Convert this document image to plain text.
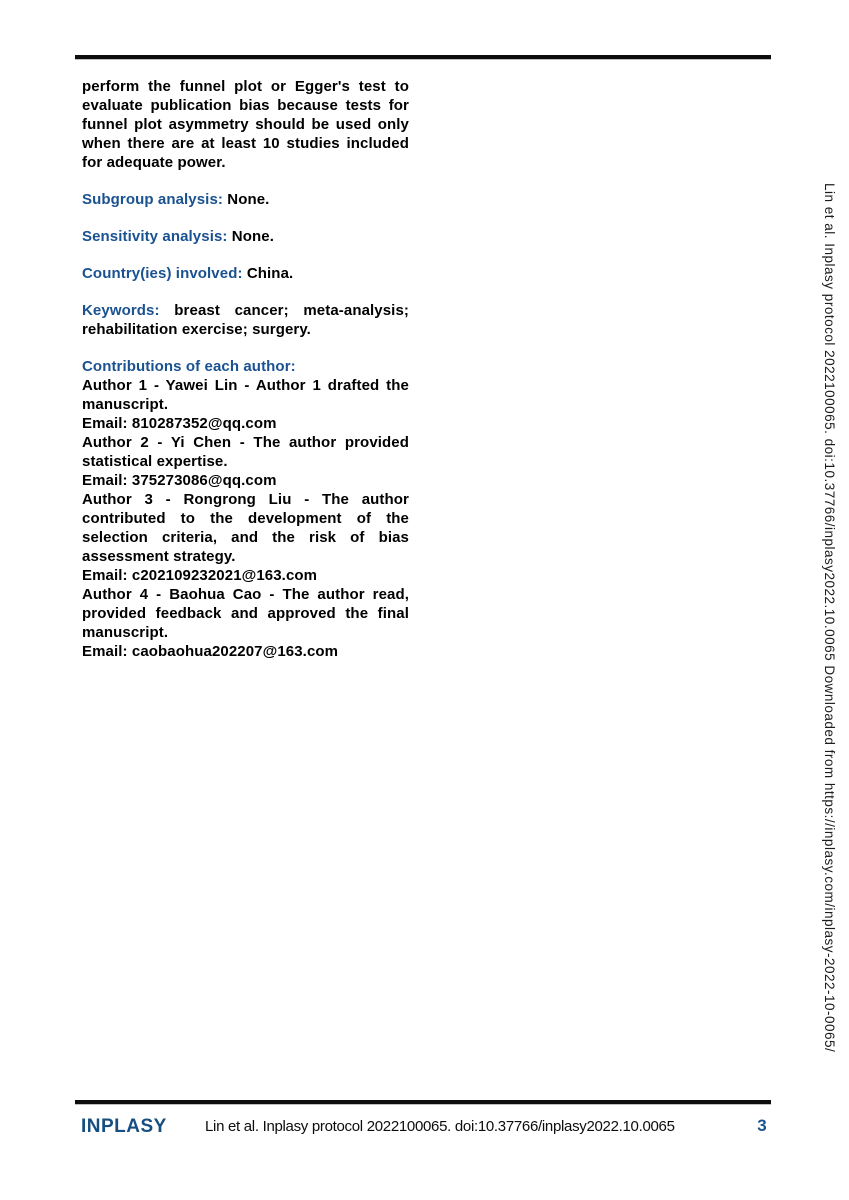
perform the funnel plot or Egger's test to evaluate publication bias because tests for funnel plot asymmetry should be used only when there are at least 10 studies included for adequate power.

Subgroup analysis: None.

Sensitivity analysis: None.

Country(ies) involved: China.

Keywords: breast cancer; meta-analysis; rehabilitation exercise; surgery.

Contributions of each author:
Author 1 - Yawei Lin - Author 1 drafted the manuscript.
Email: 810287352@qq.com
Author 2 - Yi Chen - The author provided statistical expertise.
Email: 375273086@qq.com
Author 3 - Rongrong Liu - The author contributed to the development of the selection criteria, and the risk of bias assessment strategy.
Email: c202109232021@163.com
Author 4 - Baohua Cao - The author read, provided feedback and approved the final manuscript.
Email: caobaohua202207@163.com	Lin et al. Inplasy protocol 2022100065. doi:10.37766/inplasy2022.10.0065 Downloaded from https://inplasy.com/inplasy-2022-10-0065/
INPLASY	Lin et al. Inplasy protocol 2022100065. doi:10.37766/inplasy2022.10.0065	3
